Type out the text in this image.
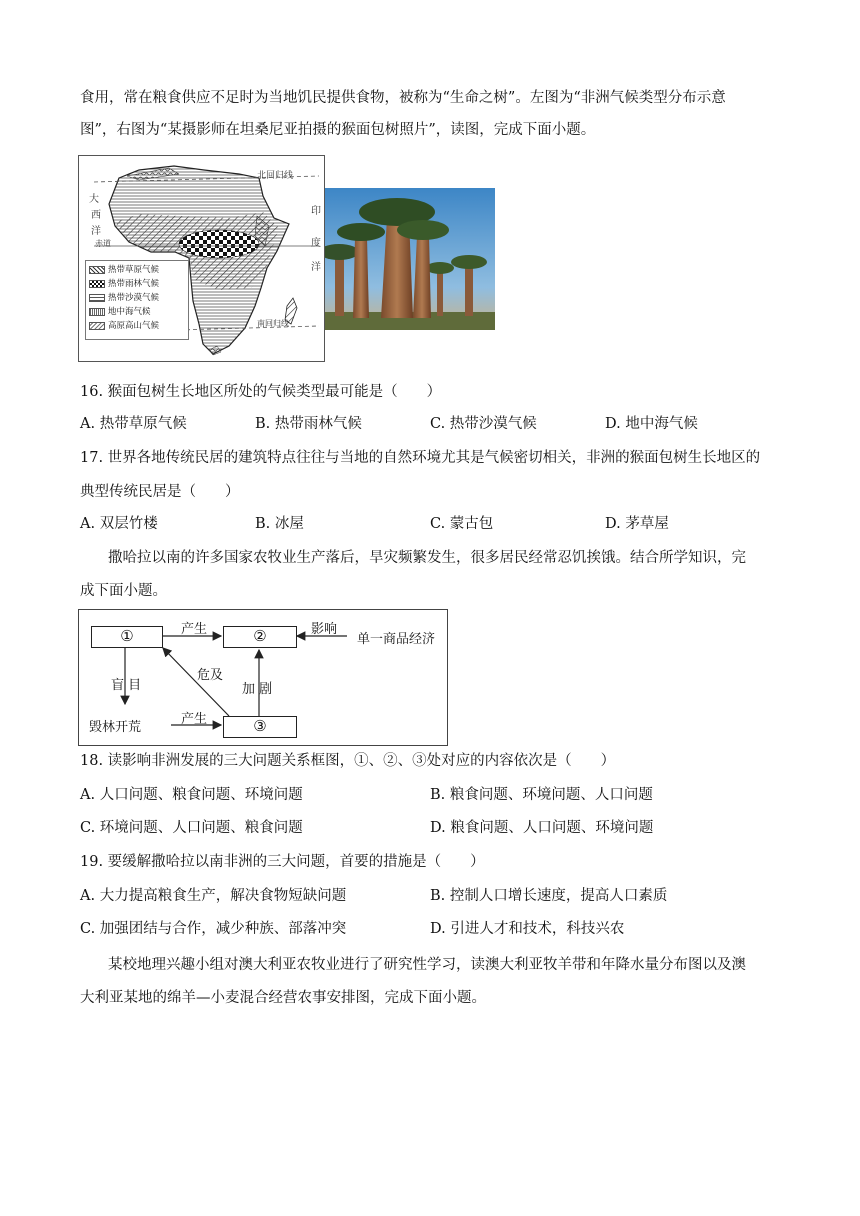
食用，常在粮食供应不足时为当地饥民提供食物，被称为“生命之树”。左图为“非洲气候类型分布示意
图”，右图为“某摄影师在坦桑尼亚拍摄的猴面包树照片”，读图，完成下面小题。
北回归线
赤道
南回归线
大
西
洋
印
度
洋
热带草原气候
热带雨林气候
热带沙漠气候
地中海气候
高原高山气候
16. 猴面包树生长地区所处的气候类型最可能是（　　）
A. 热带草原气候	B. 热带雨林气候	C. 热带沙漠气候	D. 地中海气候
17. 世界各地传统民居的建筑特点往往与当地的自然环境尤其是气候密切相关，非洲的猴面包树生长地区的
典型传统民居是（　　）
A. 双层竹楼	B. 冰屋	C. 蒙古包	D. 茅草屋
撒哈拉以南的许多国家农牧业生产落后，旱灾频繁发生，很多居民经常忍饥挨饿。结合所学知识，完
成下面小题。
①	②
③
产生	影响
单一商品经济
危及
盲 目	加 剧
产生
毁林开荒
18. 读影响非洲发展的三大问题关系框图，①、②、③处对应的内容依次是（　　）
A. 人口问题、粮食问题、环境问题	B. 粮食问题、环境问题、人口问题
C. 环境问题、人口问题、粮食问题	D. 粮食问题、人口问题、环境问题
19. 要缓解撒哈拉以南非洲的三大问题，首要的措施是（　　）
A. 大力提高粮食生产，解决食物短缺问题	B. 控制人口增长速度，提高人口素质
C. 加强团结与合作，减少种族、部落冲突	D. 引进人才和技术，科技兴农
某校地理兴趣小组对澳大利亚农牧业进行了研究性学习，读澳大利亚牧羊带和年降水量分布图以及澳
大利亚某地的绵羊—小麦混合经营农事安排图，完成下面小题。
